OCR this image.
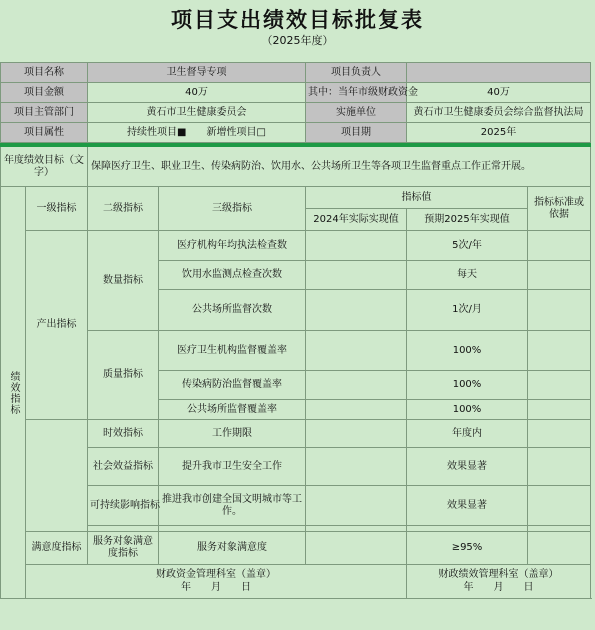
项目支出绩效目标批复表
（2025年度）
项目名称		卫生督导专项		项目负责人		
项目金额		40万		其中：当年市级财政资金	40万	
项目主管部门		黄石市卫生健康委员会		实施单位	黄石市卫生健康委员会综合监督执法局	
项目属性		持续性项目■　　新增性项目□		项目期	2025年	

年度绩效目标（文字）		保障医疗卫生、职业卫生、传染病防治、饮用水、公共场所卫生等各项卫生监督重点工作正常开展。				

绩效指标	一级指标	二级指标	三级指标	指标值		指标标准或依据
				2024年实际实现值	预期2025年实现值	
	产出指标	数量指标	医疗机构年均执法检查数		5次/年	
			饮用水监测点检查次数		每天	
			公共场所监督次数		1次/月	
		质量指标	医疗卫生机构监督覆盖率		100%	
			传染病防治监督覆盖率		100%	
			公共场所监督覆盖率		100%	
		时效指标	工作期限		年度内	
		社会效益指标	提升我市卫生安全工作		效果显著	
		可持续影响指标	推进我市创建全国文明城市等工作。		效果显著	

	满意度指标	服务对象满意度指标	服务对象满意度		≥95%	

	财政资金管理科室（盖章）
年　　月　　日				财政绩效管理科室（盖章）
年　　月　　日	
